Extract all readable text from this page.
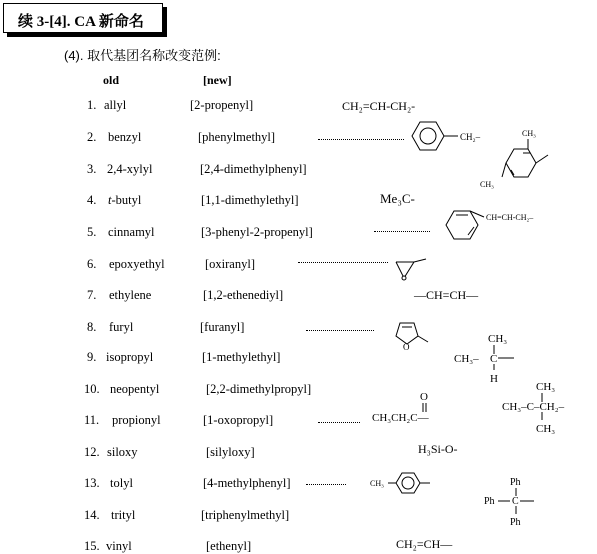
续 3-[4]. CA 新命名
(4). 取代基团名称改变范例:
old	[new]
1. allyl	[2-propenyl]
2. benzyl	[phenylmethyl]
3. 2,4-xylyl	[2,4-dimethylphenyl]
4. t-butyl	[1,1-dimethylethyl]
5. cinnamyl	[3-phenyl-2-propenyl]
6. epoxyethyl	[oxiranyl]
7. ethylene	[1,2-ethenediyl]
8. furyl	[furanyl]
9. isopropyl	[1-methylethyl]
10. neopentyl	[2,2-dimethylpropyl]
11. propionyl	[1-oxopropyl]
12. siloxy	[silyloxy]
13. tolyl	[4-methylphenyl]
14. trityl	[triphenylmethyl]
15. vinyl	[ethenyl]
CH₂=CH-CH₂-
CH₂–	CH₃
CH₃
Me₃C-
CH=CH-CH₂–
—CH=CH—
O
CH₃
CH₃– C
H
CH₃
CH₃–C–CH₂–
CH₃
O
CH₃CH₂C—
H₃Si-O-
CH₃	Ph
Ph C
Ph
CH₂=CH—
